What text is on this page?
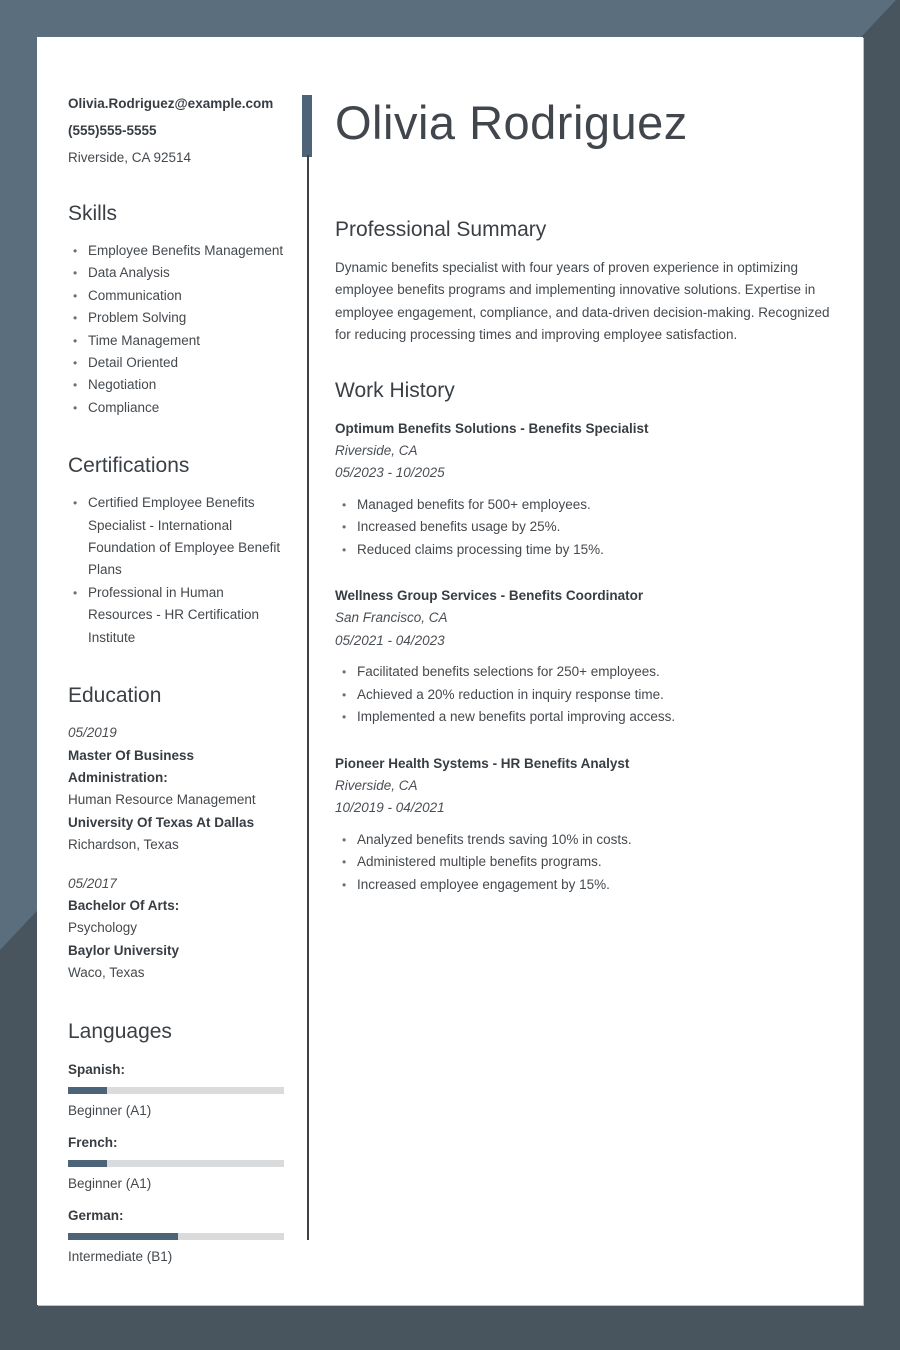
Olivia.Rodriguez@example.com

(555)555-5555

Riverside, CA 92514

Skills
• Employee Benefits Management
• Data Analysis
• Communication
• Problem Solving
• Time Management
• Detail Oriented
• Negotiation
• Compliance
Certifications
• Certified Employee Benefits Specialist - International Foundation of Employee Benefit Plans
• Professional in Human Resources - HR Certification Institute
Education

05/2019

Master Of Business Administration:

Human Resource Management

University Of Texas At Dallas

Richardson, Texas

05/2017

Bachelor Of Arts:

Psychology

Baylor University

Waco, Texas

Languages

Spanish:

Beginner (A1)

French:

Beginner (A1)

German:

Intermediate (B1)

Olivia Rodriguez
Professional Summary

Dynamic benefits specialist with four years of proven experience in optimizing employee benefits programs and implementing innovative solutions. Expertise in employee engagement, compliance, and data-driven decision-making. Recognized for reducing processing times and improving employee satisfaction.

Work History

Optimum Benefits Solutions - Benefits Specialist

Riverside, CA

05/2023 - 10/2025

• Managed benefits for 500+ employees.
• Increased benefits usage by 25%.
• Reduced claims processing time by 15%.

Wellness Group Services - Benefits Coordinator

San Francisco, CA

05/2021 - 04/2023

• Facilitated benefits selections for 250+ employees.
• Achieved a 20% reduction in inquiry response time.
• Implemented a new benefits portal improving access.

Pioneer Health Systems - HR Benefits Analyst

Riverside, CA

10/2019 - 04/2021

• Analyzed benefits trends saving 10% in costs.
• Administered multiple benefits programs.
• Increased employee engagement by 15%.
